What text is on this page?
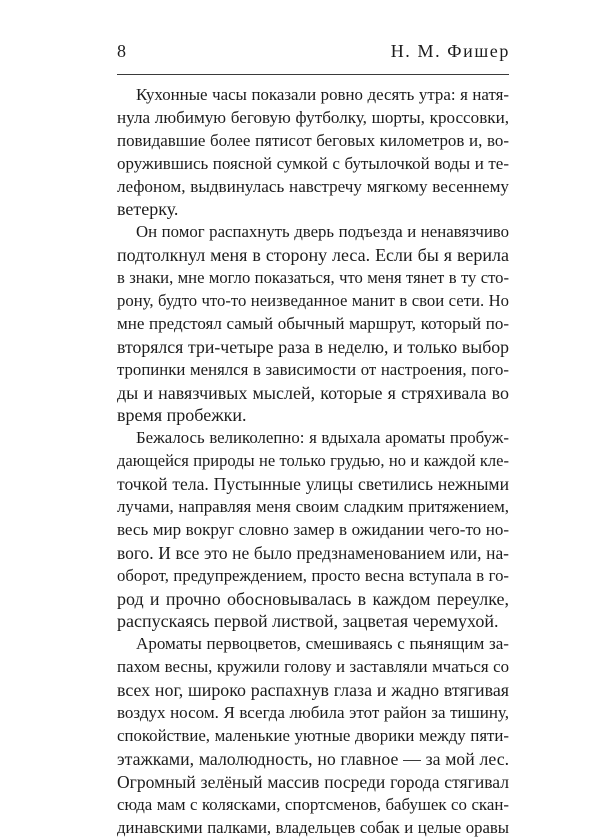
8	Н. М. Фишер
Кухонные часы показали ровно десять утра: я натя-
нула любимую беговую футболку, шорты, кроссовки,
повидавшие более пятисот беговых километров и, во-
оружившись поясной сумкой с бутылочкой воды и те-
лефоном, выдвинулась навстречу мягкому весеннему
ветерку.
Он помог распахнуть дверь подъезда и ненавязчиво
подтолкнул меня в сторону леса. Если бы я верила
в знаки, мне могло показаться, что меня тянет в ту сто-
рону, будто что-то неизведанное манит в свои сети. Но
мне предстоял самый обычный маршрут, который по-
вторялся три-четыре раза в неделю, и только выбор
тропинки менялся в зависимости от настроения, пого-
ды и навязчивых мыслей, которые я стряхивала во
время пробежки.
Бежалось великолепно: я вдыхала ароматы пробуж-
дающейся природы не только грудью, но и каждой кле-
точкой тела. Пустынные улицы светились нежными
лучами, направляя меня своим сладким притяжением,
весь мир вокруг словно замер в ожидании чего-то но-
вого. И все это не было предзнаменованием или, на-
оборот, предупреждением, просто весна вступала в го-
род и прочно обосновывалась в каждом переулке,
распускаясь первой листвой, зацветая черемухой.
Ароматы первоцветов, смешиваясь с пьянящим за-
пахом весны, кружили голову и заставляли мчаться со
всех ног, широко распахнув глаза и жадно втягивая
воздух носом. Я всегда любила этот район за тишину,
спокойствие, маленькие уютные дворики между пяти-
этажками, малолюдность, но главное — за мой лес.
Огромный зелёный массив посреди города стягивал
сюда мам с колясками, спортсменов, бабушек со скан-
динавскими палками, владельцев собак и целые оравы
